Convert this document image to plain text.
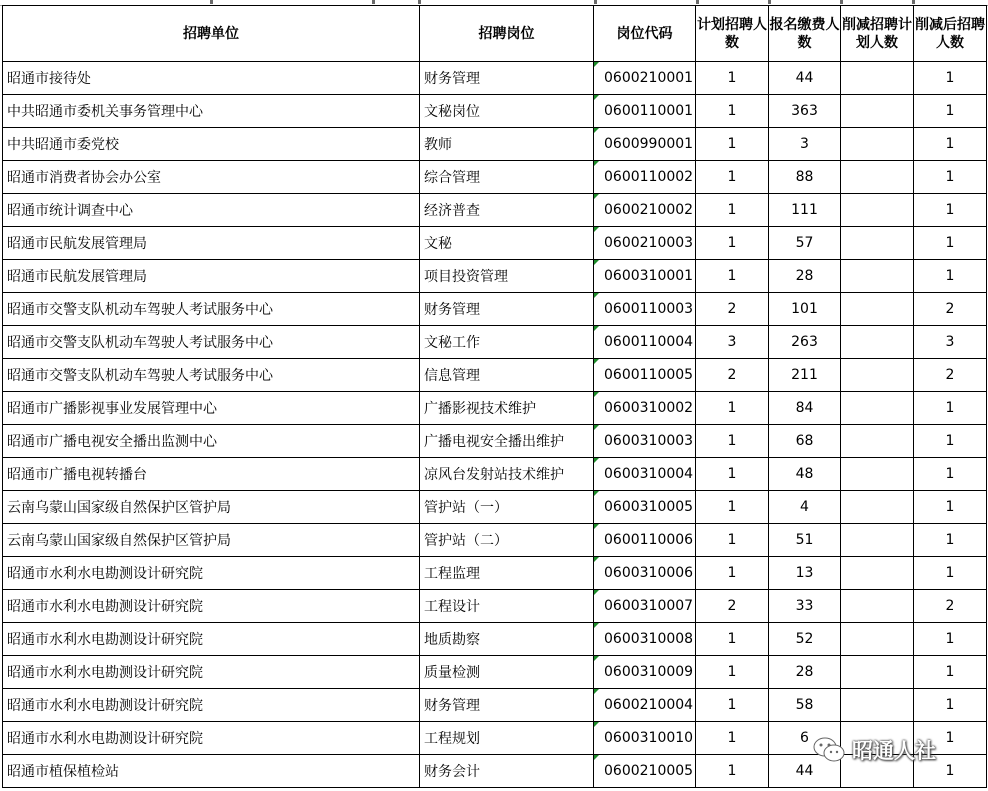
招聘单位	招聘岗位	岗位代码	计划招聘人数	报名缴费人数	削减招聘计划人数	削减后招聘人数
昭通市接待处	财务管理	0600210001	1	44		1
中共昭通市委机关事务管理中心	文秘岗位	0600110001	1	363		1
中共昭通市委党校	教师	0600990001	1	3		1
昭通市消费者协会办公室	综合管理	0600110002	1	88		1
昭通市统计调查中心	经济普查	0600210002	1	111		1
昭通市民航发展管理局	文秘	0600210003	1	57		1
昭通市民航发展管理局	项目投资管理	0600310001	1	28		1
昭通市交警支队机动车驾驶人考试服务中心	财务管理	0600110003	2	101		2
昭通市交警支队机动车驾驶人考试服务中心	文秘工作	0600110004	3	263		3
昭通市交警支队机动车驾驶人考试服务中心	信息管理	0600110005	2	211		2
昭通市广播影视事业发展管理中心	广播影视技术维护	0600310002	1	84		1
昭通市广播电视安全播出监测中心	广播电视安全播出维护	0600310003	1	68		1
昭通市广播电视转播台	凉风台发射站技术维护	0600310004	1	48		1
云南乌蒙山国家级自然保护区管护局	管护站（一）	0600310005	1	4		1
云南乌蒙山国家级自然保护区管护局	管护站（二）	0600110006	1	51		1
昭通市水利水电勘测设计研究院	工程监理	0600310006	1	13		1
昭通市水利水电勘测设计研究院	工程设计	0600310007	2	33		2
昭通市水利水电勘测设计研究院	地质勘察	0600310008	1	52		1
昭通市水利水电勘测设计研究院	质量检测	0600310009	1	28		1
昭通市水利水电勘测设计研究院	财务管理	0600210004	1	58		1
昭通市水利水电勘测设计研究院	工程规划	0600310010	1	6		1
昭通市植保植检站	财务会计	0600210005	1	44		1
昭通人社
